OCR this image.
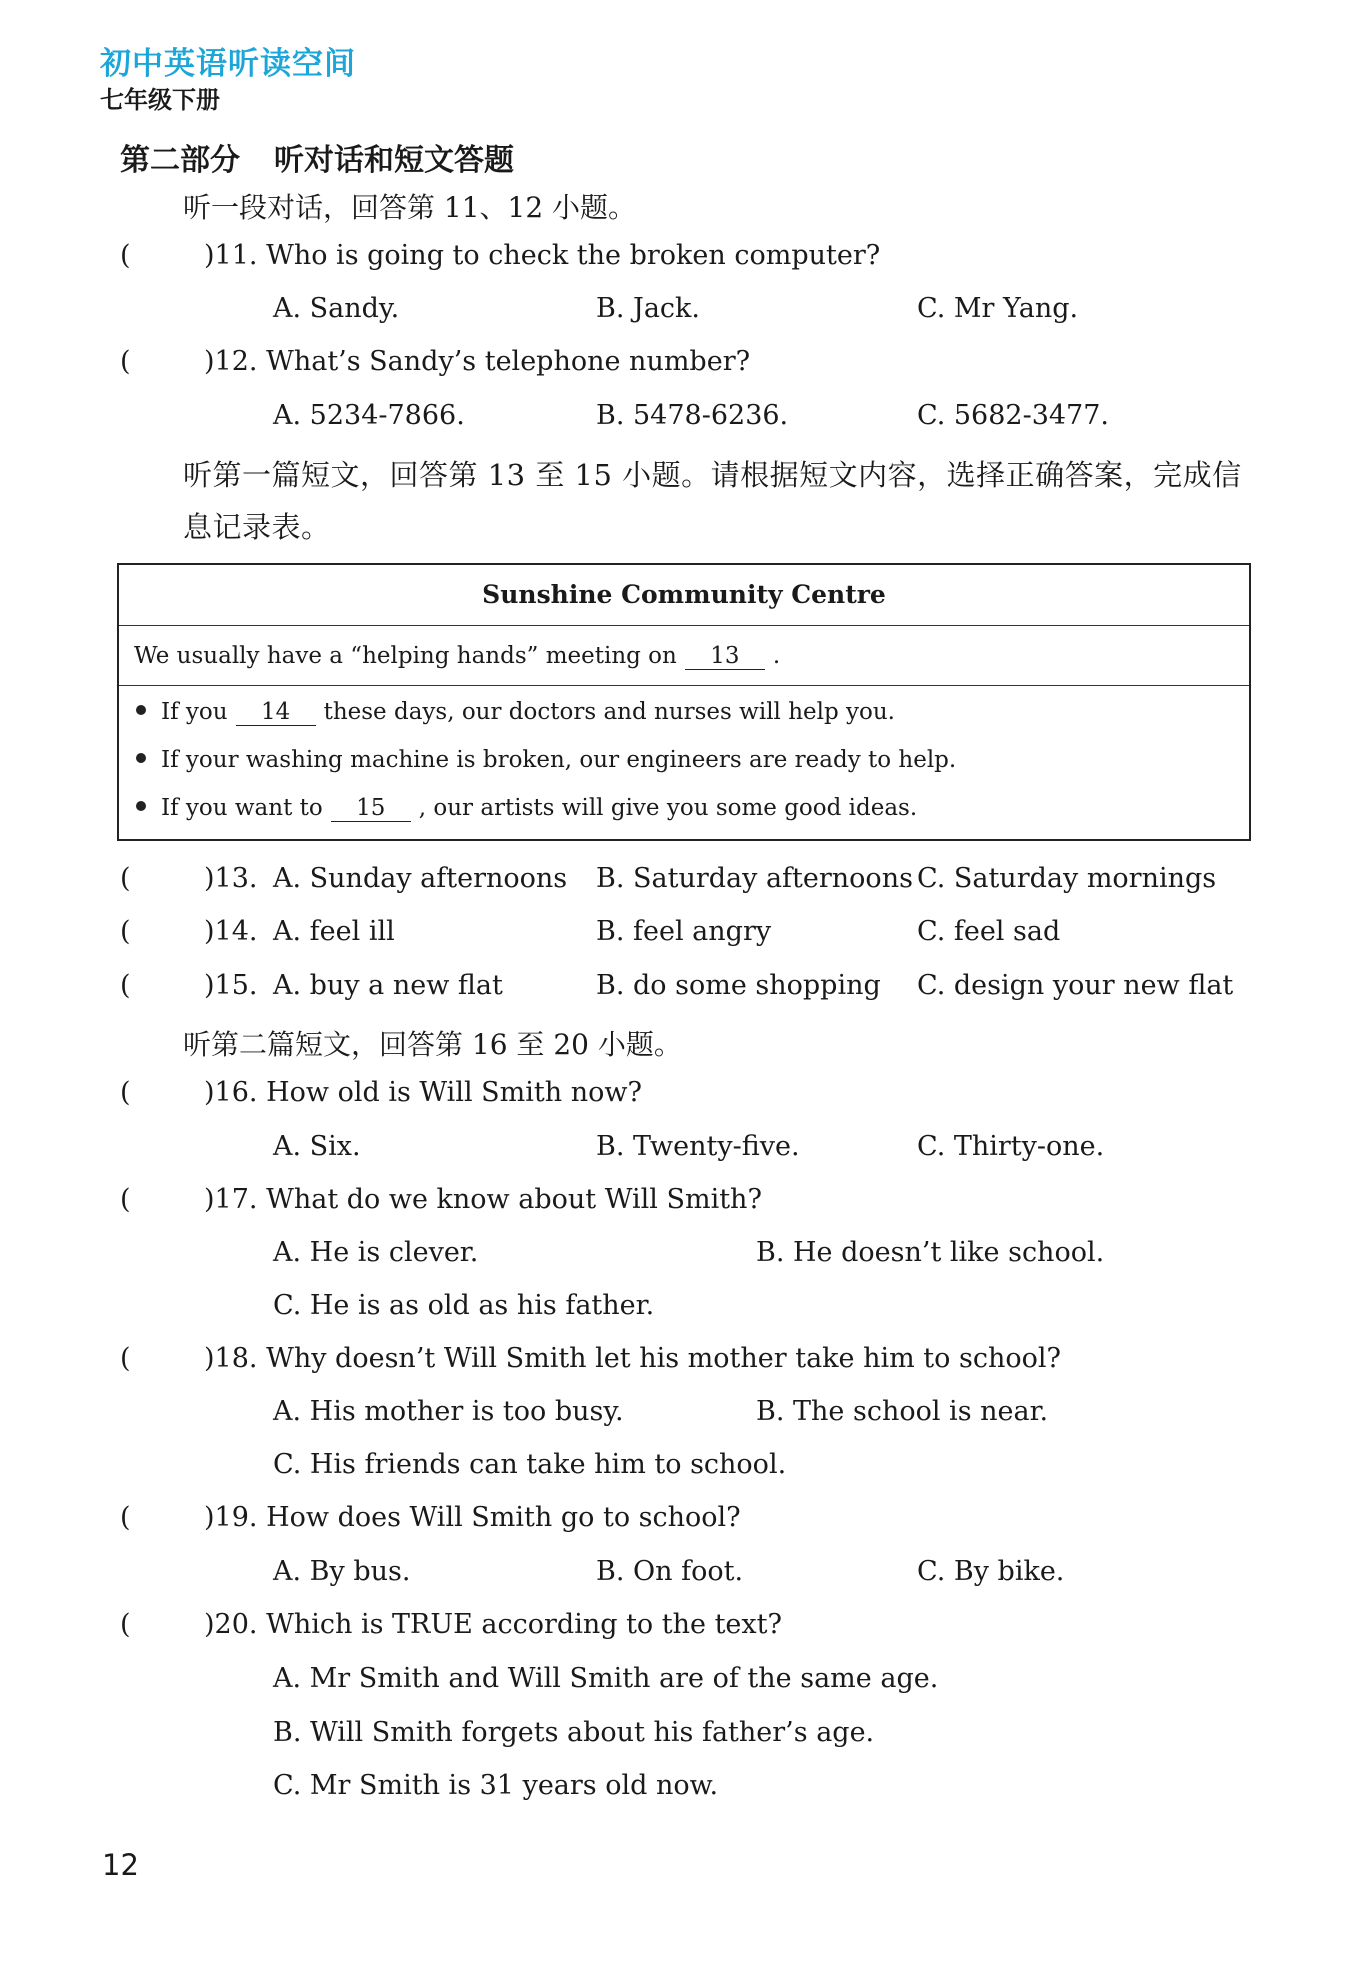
初中英语听读空间
七年级下册
第二部分 听对话和短文答题
听一段对话，回答第 11、12 小题。
(	)11. Who is going to check the broken computer?
A. Sandy.	B. Jack.	C. Mr Yang.
(	)12. What’s Sandy’s telephone number?
A. 5234-7866.	B. 5478-6236.	C. 5682-3477.
听第一篇短文，回答第 13 至 15 小题。请根据短文内容，选择正确答案，完成信息记录表。
Sunshine Community Centre
We usually have a “helping hands” meeting on 13 .
If you 14 these days, our doctors and nurses will help you.
If your washing machine is broken, our engineers are ready to help.
If you want to 15 , our artists will give you some good ideas.
(	)13. A. Sunday afternoons B. Saturday afternoons C. Saturday mornings
(	)14. A. feel ill	B. feel angry	C. feel sad
(	)15. A. buy a new flat	B. do some shopping C. design your new flat
听第二篇短文，回答第 16 至 20 小题。
(	)16. How old is Will Smith now?
A. Six.	B. Twenty-five.	C. Thirty-one.
(	)17. What do we know about Will Smith?
A. He is clever.	B. He doesn’t like school.
C. He is as old as his father.
(	)18. Why doesn’t Will Smith let his mother take him to school?
A. His mother is too busy.	B. The school is near.
C. His friends can take him to school.
(	)19. How does Will Smith go to school?
A. By bus.	B. On foot.	C. By bike.
(	)20. Which is TRUE according to the text?
A. Mr Smith and Will Smith are of the same age.
B. Will Smith forgets about his father’s age.
C. Mr Smith is 31 years old now.
12
